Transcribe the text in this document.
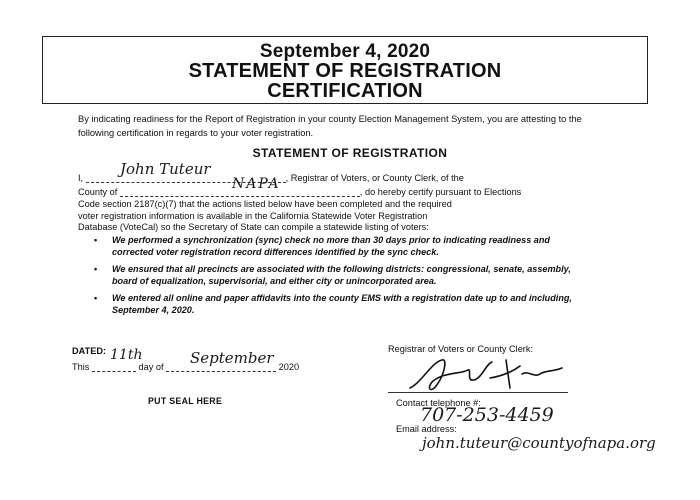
September 4, 2020
STATEMENT OF REGISTRATION
CERTIFICATION
By indicating readiness for the Report of Registration in your county Election Management System, you are attesting to the following certification in regards to your voter registration.
STATEMENT OF REGISTRATION
I,	, Registrar of Voters, or County Clerk, of the
John Tuteur
County of	, do hereby certify pursuant to Elections
NAPA
Code section 2187(c)(7) that the actions listed below have been completed and the required
voter registration information is available in the California Statewide Voter Registration
Database (VoteCal) so the Secretary of State can compile a statewide listing of voters:
• We performed a synchronization (sync) check no more than 30 days prior to indicating readiness and corrected voter registration record differences identified by the sync check.
• We ensured that all precincts are associated with the following districts: congressional, senate, assembly, board of equalization, supervisorial, and either city or unincorporated area.
• We entered all online and paper affidavits into the county EMS with a registration date up to and including, September 4, 2020.
DATED:
This	day of	2020
11th	September
PUT SEAL HERE
Registrar of Voters or County Clerk:
Contact telephone #:
707-253-4459
Email address:
john.tuteur@countyofnapa.org
